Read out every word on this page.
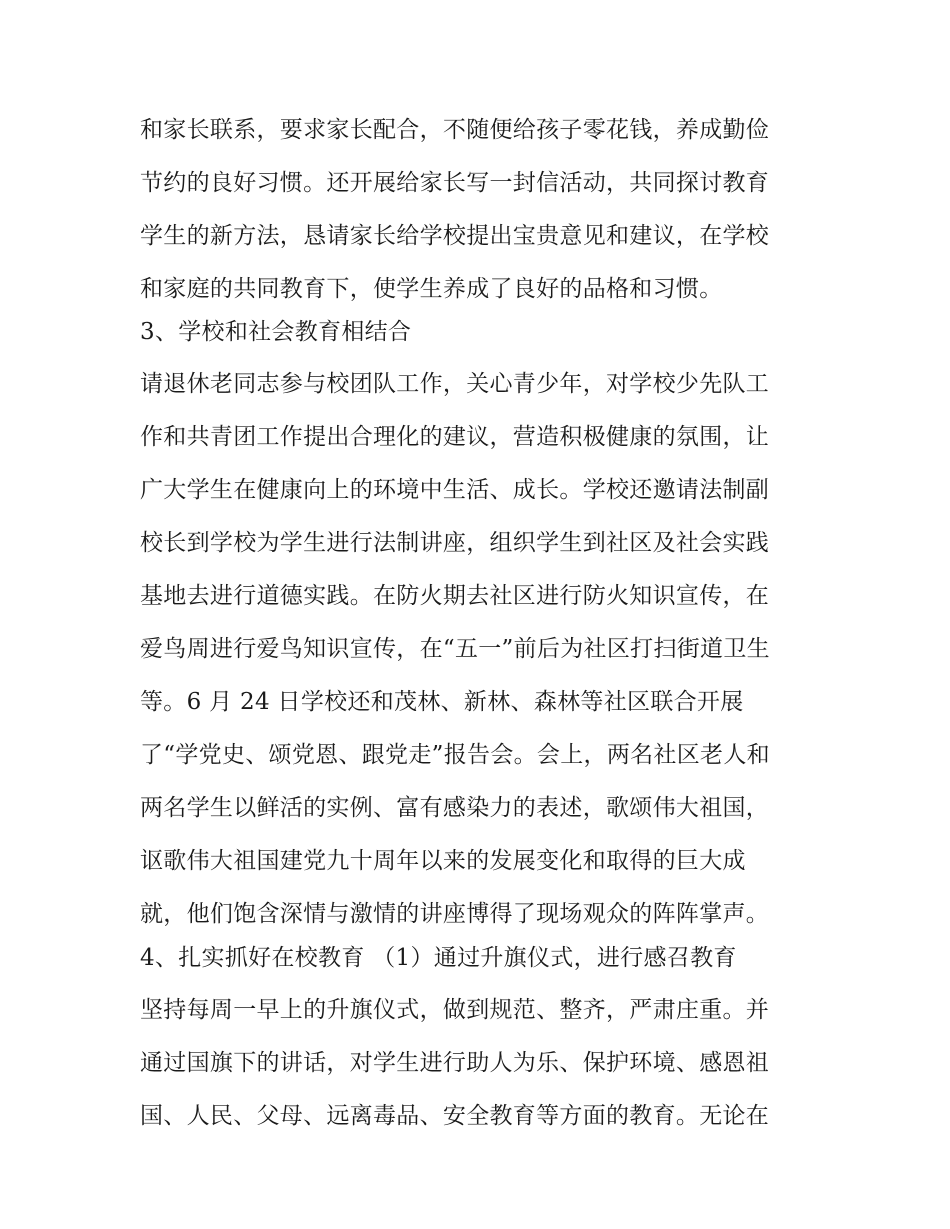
和家长联系，要求家长配合，不随便给孩子零花钱，养成勤俭
节约的良好习惯。还开展给家长写一封信活动，共同探讨教育
学生的新方法，恳请家长给学校提出宝贵意见和建议，在学校
和家庭的共同教育下，使学生养成了良好的品格和习惯。
3、学校和社会教育相结合
请退休老同志参与校团队工作，关心青少年，对学校少先队工
作和共青团工作提出合理化的建议，营造积极健康的氛围，让
广大学生在健康向上的环境中生活、成长。学校还邀请法制副
校长到学校为学生进行法制讲座，组织学生到社区及社会实践
基地去进行道德实践。在防火期去社区进行防火知识宣传，在
爱鸟周进行爱鸟知识宣传，在“五一”前后为社区打扫街道卫生
等。6 月 24 日学校还和茂林、新林、森林等社区联合开展
了“学党史、颂党恩、跟党走”报告会。会上，两名社区老人和
两名学生以鲜活的实例、富有感染力的表述，歌颂伟大祖国，
讴歌伟大祖国建党九十周年以来的发展变化和取得的巨大成
就，他们饱含深情与激情的讲座博得了现场观众的阵阵掌声。
4、扎实抓好在校教育 （1）通过升旗仪式，进行感召教育
坚持每周一早上的升旗仪式，做到规范、整齐，严肃庄重。并
通过国旗下的讲话，对学生进行助人为乐、保护环境、感恩祖
国、人民、父母、远离毒品、安全教育等方面的教育。无论在
